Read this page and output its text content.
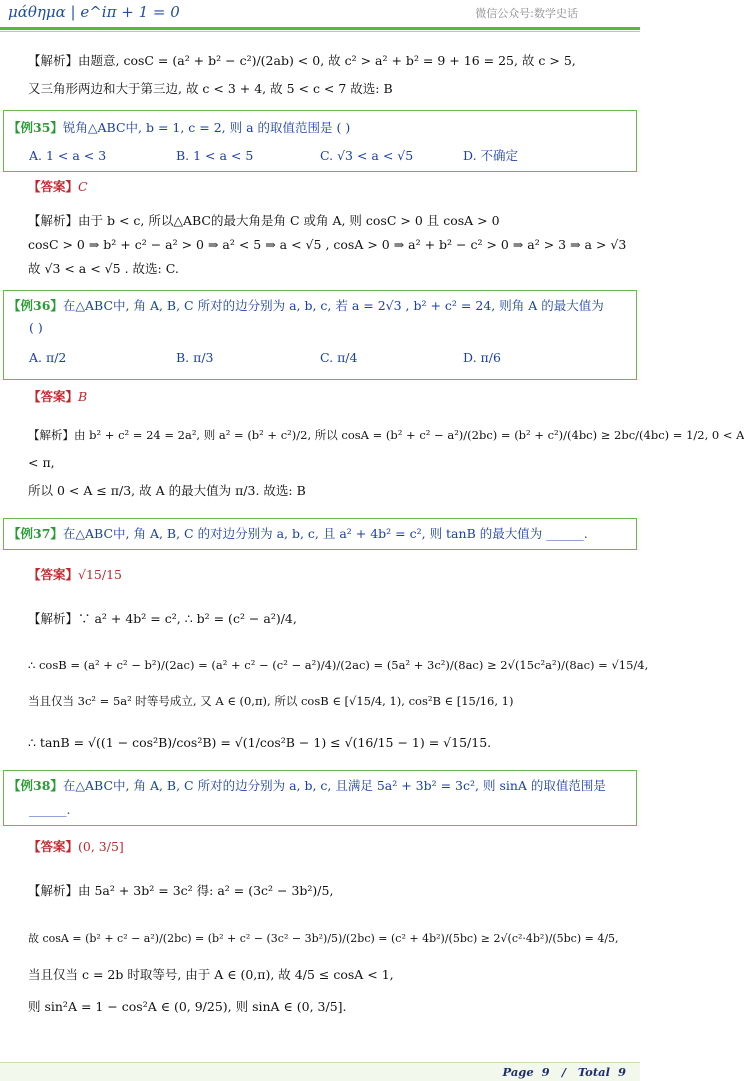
μάθημα | e^iπ + 1 = 0	微信公众号:数学史话
【解析】由题意, cosC = (a² + b² − c²)/(2ab) < 0, 故 c² > a² + b² = 9 + 16 = 25, 故 c > 5,
又三角形两边和大于第三边, 故 c < 3 + 4, 故 5 < c < 7 故选: B
【例35】锐角△ABC中, b = 1, c = 2, 则 a 的取值范围是 ( )
A. 1 < a < 3	B. 1 < a < 5	C. √3 < a < √5	D. 不确定
【答案】C
【解析】由于 b < c, 所以△ABC的最大角是角 C 或角 A, 则 cosC > 0 且 cosA > 0
cosC > 0 ⇒ b² + c² − a² > 0 ⇒ a² < 5 ⇒ a < √5 , cosA > 0 ⇒ a² + b² − c² > 0 ⇒ a² > 3 ⇒ a > √3
故 √3 < a < √5 . 故选: C.
【例36】在△ABC中, 角 A, B, C 所对的边分别为 a, b, c, 若 a = 2√3 , b² + c² = 24, 则角 A 的最大值为
( )
A. π/2	B. π/3	C. π/4	D. π/6
【答案】B
【解析】由 b² + c² = 24 = 2a², 则 a² = (b² + c²)/2, 所以 cosA = (b² + c² − a²)/(2bc) = (b² + c²)/(4bc) ≥ 2bc/(4bc) = 1/2, 0 < A
< π,
所以 0 < A ≤ π/3, 故 A 的最大值为 π/3. 故选: B
【例37】在△ABC中, 角 A, B, C 的对边分别为 a, b, c, 且 a² + 4b² = c², 则 tanB 的最大值为 ______.
【答案】√15/15
【解析】∵ a² + 4b² = c², ∴ b² = (c² − a²)/4,
∴ cosB = (a² + c² − b²)/(2ac) = (a² + c² − (c² − a²)/4)/(2ac) = (5a² + 3c²)/(8ac) ≥ 2√(15c²a²)/(8ac) = √15/4,
当且仅当 3c² = 5a² 时等号成立, 又 A ∈ (0,π), 所以 cosB ∈ [√15/4, 1), cos²B ∈ [15/16, 1)
∴ tanB = √((1 − cos²B)/cos²B) = √(1/cos²B − 1) ≤ √(16/15 − 1) = √15/15.
【例38】在△ABC中, 角 A, B, C 所对的边分别为 a, b, c, 且满足 5a² + 3b² = 3c², 则 sinA 的取值范围是
______.
【答案】(0, 3/5]
【解析】由 5a² + 3b² = 3c² 得: a² = (3c² − 3b²)/5,
故 cosA = (b² + c² − a²)/(2bc) = (b² + c² − (3c² − 3b²)/5)/(2bc) = (c² + 4b²)/(5bc) ≥ 2√(c²·4b²)/(5bc) = 4/5,
当且仅当 c = 2b 时取等号, 由于 A ∈ (0,π), 故 4/5 ≤ cosA < 1,
则 sin²A = 1 − cos²A ∈ (0, 9/25), 则 sinA ∈ (0, 3/5].
Page 9 / Total 9
